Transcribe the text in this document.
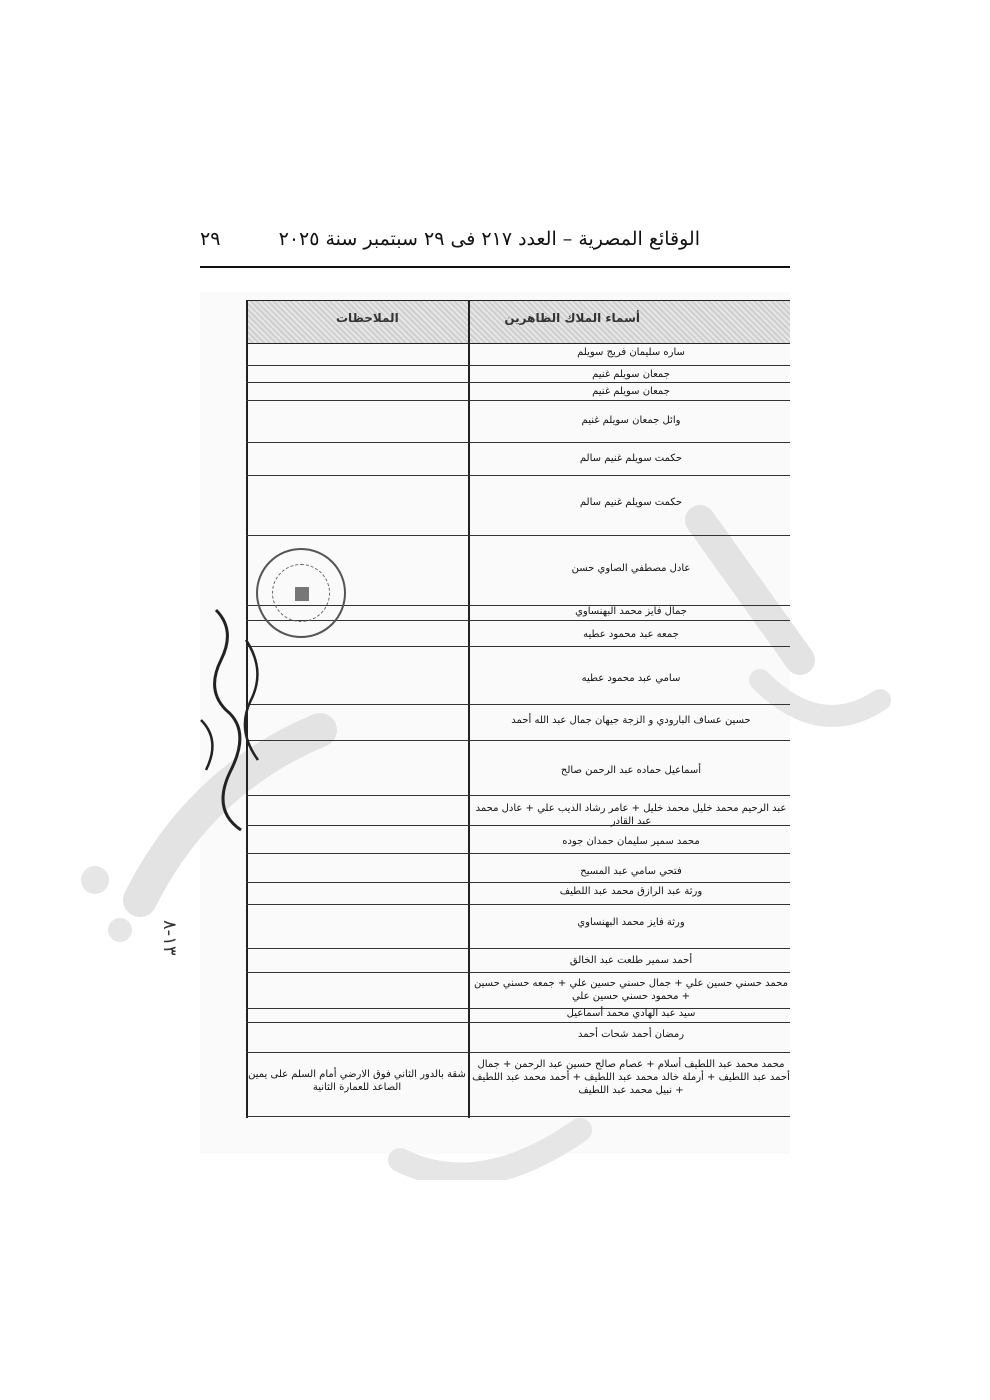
الوقائع المصرية – العدد ٢١٧ فى ٢٩ سبتمبر سنة ٢٠٢٥
٢٩
أسماء الملاك الظاهرين
الملاحظات
ساره سليمان فريج سويلم
جمعان سويلم غنيم
جمعان سويلم غنيم
وائل جمعان سويلم غنيم
حكمت سويلم غنيم سالم
حكمت سويلم غنيم سالم
عادل مصطفي الصاوي حسن
جمال فايز محمد البهنساوي
جمعه عبد محمود عطيه
سامي عبد محمود عطيه
حسين عساف البارودي و الزجة جيهان جمال عبد الله أحمد
أسماعيل حماده عبد الرحمن صالح
عبد الرحيم محمد خليل محمد خليل + عامر رشاد الديب علي + عادل محمد عبد القادر
محمد سمير سليمان حمدان جوده
فتحي سامي عبد المسيح
ورثة عبد الرازق محمد عبد اللطيف
ورثة فايز محمد البهنساوي
أحمد سمير طلعت عبد الخالق
محمد حسني حسين علي + جمال حسني حسين علي + جمعه حسني حسين + محمود حسني حسين علي
سيد عبد الهادي محمد أسماعيل
رمضان أحمد شحات أحمد
محمد محمد عبد اللطيف أسلام + عصام صالح حسين عبد الرحمن + جمال أحمد عبد اللطيف + أرملة خالد محمد عبد اللطيف + أحمد محمد عبد اللطيف + نبيل محمد عبد اللطيف
شقة بالدور الثاني فوق الارضي أمام السلم على يمين الصاعد للعمارة الثانية
١٣-٨
